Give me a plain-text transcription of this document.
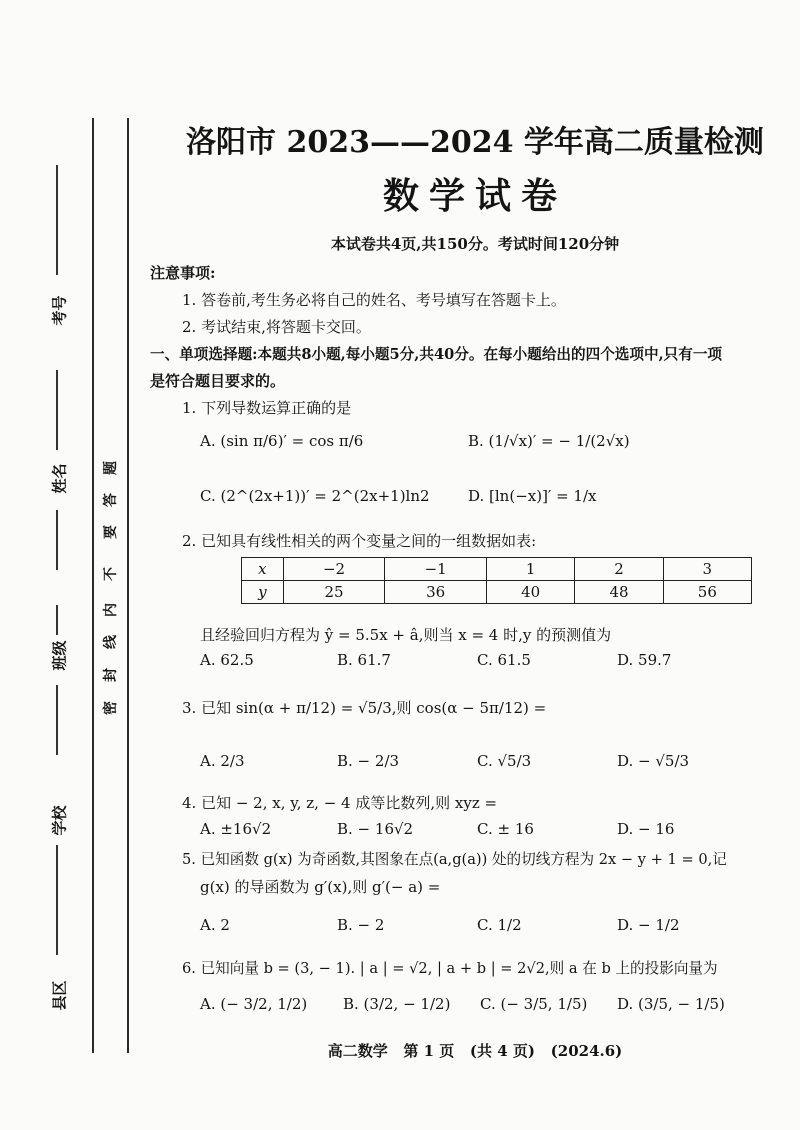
考号
姓名
班级
学校
县区
题
答
要
不
内
线
封
密
洛阳市 2023——2024 学年高二质量检测
数学试卷
本试卷共4页,共150分。考试时间120分钟
注意事项:
1. 答卷前,考生务必将自己的姓名、考号填写在答题卡上。
2. 考试结束,将答题卡交回。
一、单项选择题:本题共8小题,每小题5分,共40分。在每小题给出的四个选项中,只有一项
是符合题目要求的。
1. 下列导数运算正确的是
A. (sin π/6)′ = cos π/6	B. (1/√x)′ = − 1/(2√x)
C. (2^(2x+1))′ = 2^(2x+1)ln2	D. [ln(−x)]′ = 1/x
2. 已知具有线性相关的两个变量之间的一组数据如表:
x	−2	−1	1	2	3
y	25	36	40	48	56
且经验回归方程为 ŷ = 5.5x + â,则当 x = 4 时,y 的预测值为
A. 62.5	B. 61.7	C. 61.5	D. 59.7
3. 已知 sin(α + π/12) = √5/3,则 cos(α − 5π/12) =
A. 2/3	B. − 2/3	C. √5/3	D. − √5/3
4. 已知 − 2, x, y, z, − 4 成等比数列,则 xyz =
A. ±16√2	B. − 16√2	C. ± 16	D. − 16
5. 已知函数 g(x) 为奇函数,其图象在点(a,g(a)) 处的切线方程为 2x − y + 1 = 0,记
g(x) 的导函数为 g′(x),则 g′(− a) =
A. 2	B. − 2	C. 1/2	D. − 1/2
6. 已知向量 b = (3, − 1). | a | = √2, | a + b | = 2√2,则 a 在 b 上的投影向量为
A. (− 3/2, 1/2) B. (3/2, − 1/2) C. (− 3/5, 1/5) D. (3/5, − 1/5)
高二数学   第 1 页   (共 4 页)   (2024.6)
